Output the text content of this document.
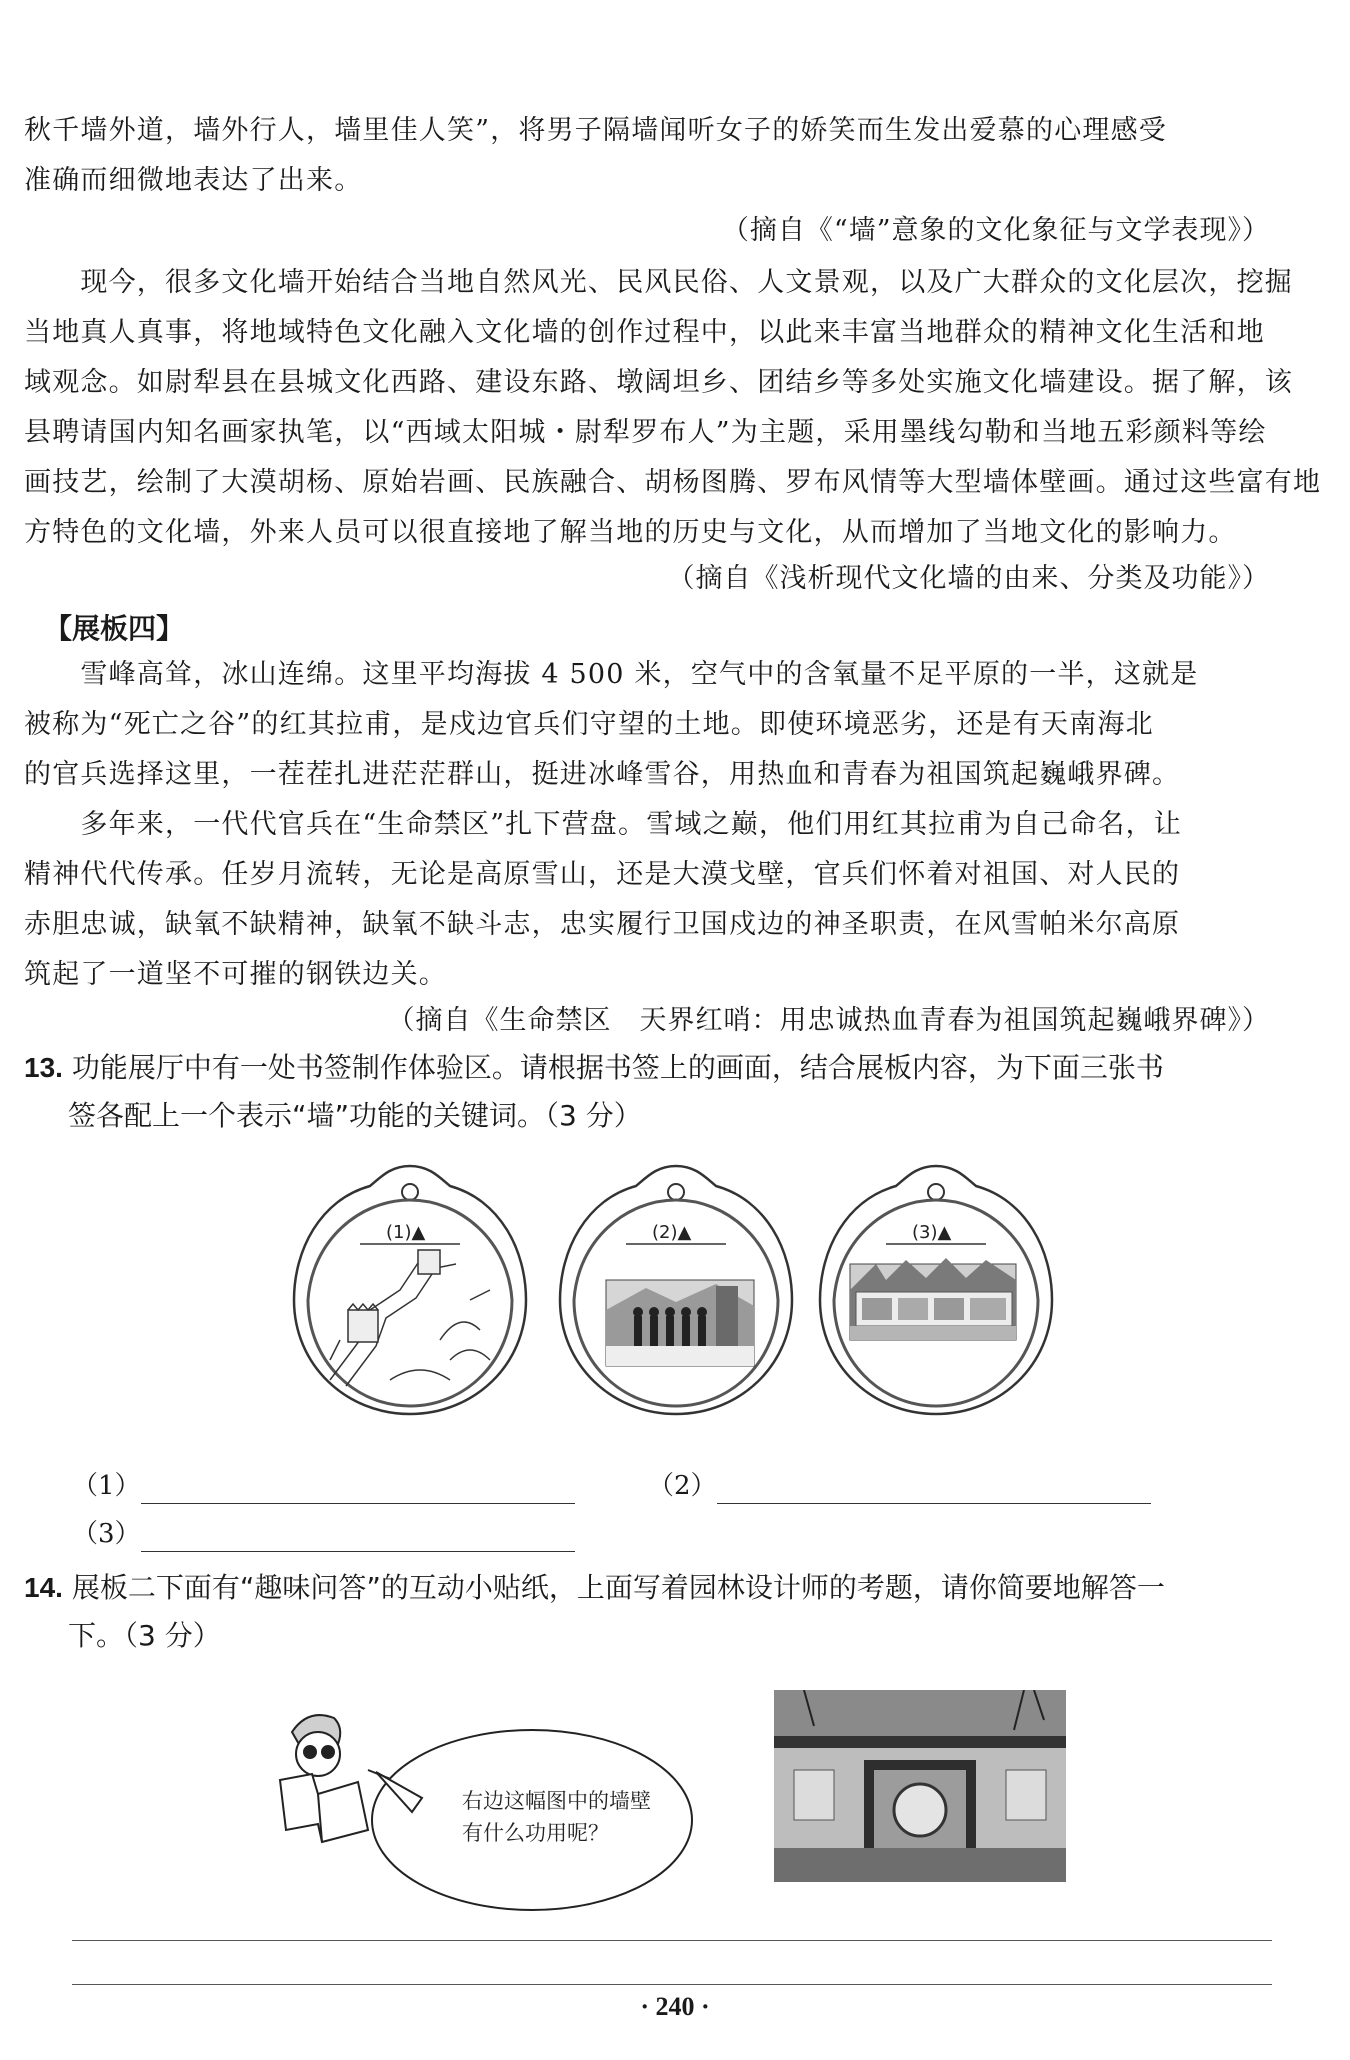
秋千墙外道，墙外行人，墙里佳人笑”，将男子隔墙闻听女子的娇笑而生发出爱慕的心理感受
准确而细微地表达了出来。
（摘自《“墙”意象的文化象征与文学表现》）
　　现今，很多文化墙开始结合当地自然风光、民风民俗、人文景观，以及广大群众的文化层次，挖掘
当地真人真事，将地域特色文化融入文化墙的创作过程中，以此来丰富当地群众的精神文化生活和地
域观念。如尉犁县在县城文化西路、建设东路、墩阔坦乡、团结乡等多处实施文化墙建设。据了解，该
县聘请国内知名画家执笔，以“西域太阳城・尉犁罗布人”为主题，采用墨线勾勒和当地五彩颜料等绘
画技艺，绘制了大漠胡杨、原始岩画、民族融合、胡杨图腾、罗布风情等大型墙体壁画。通过这些富有地
方特色的文化墙，外来人员可以很直接地了解当地的历史与文化，从而增加了当地文化的影响力。
（摘自《浅析现代文化墙的由来、分类及功能》）
【展板四】
　　雪峰高耸，冰山连绵。这里平均海拔 4 500 米，空气中的含氧量不足平原的一半，这就是
被称为“死亡之谷”的红其拉甫，是戍边官兵们守望的土地。即使环境恶劣，还是有天南海北
的官兵选择这里，一茬茬扎进茫茫群山，挺进冰峰雪谷，用热血和青春为祖国筑起巍峨界碑。
　　多年来，一代代官兵在“生命禁区”扎下营盘。雪域之巅，他们用红其拉甫为自己命名，让
精神代代传承。任岁月流转，无论是高原雪山，还是大漠戈壁，官兵们怀着对祖国、对人民的
赤胆忠诚，缺氧不缺精神，缺氧不缺斗志，忠实履行卫国戍边的神圣职责，在风雪帕米尔高原
筑起了一道坚不可摧的钢铁边关。
（摘自《生命禁区　天界红哨：用忠诚热血青春为祖国筑起巍峨界碑》）
13. 功能展厅中有一处书签制作体验区。请根据书签上的画面，结合展板内容，为下面三张书
签各配上一个表示“墙”功能的关键词。（3 分）
(1)▲	(2)▲	(3)▲
（1）	（2）
（3）
14. 展板二下面有“趣味问答”的互动小贴纸，上面写着园林设计师的考题，请你简要地解答一
下。（3 分）
右边这幅图中的墙壁
有什么功用呢？
· 240 ·
